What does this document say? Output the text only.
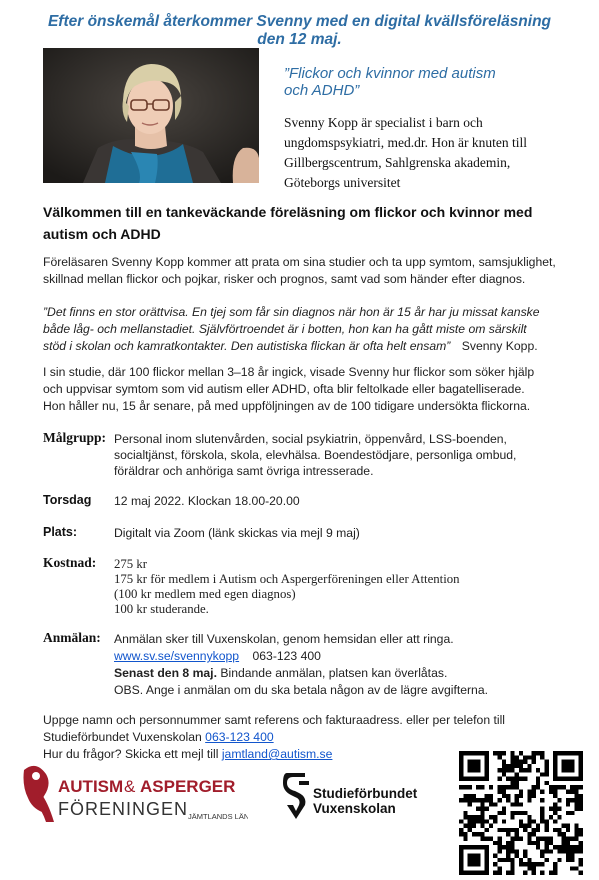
Efter önskemål återkommer Svenny med en digital kvällsföreläsning
den 12 maj.
”Flickor och kvinnor med autism
och ADHD”
Svenny Kopp är specialist i barn och
ungdomspsykiatri, med.dr. Hon är knuten till
Gillbergscentrum, Sahlgrenska akademin,
Göteborgs universitet
Välkommen till en tankeväckande föreläsning om flickor och kvinnor med
autism och ADHD
Föreläsaren Svenny Kopp kommer att prata om sina studier och ta upp symtom, samsjuklighet,
skillnad mellan flickor och pojkar, risker och prognos, samt vad som händer efter diagnos.
”Det finns en stor orättvisa. En tjej som får sin diagnos när hon är 15 år har ju missat kanske
både låg- och mellanstadiet. Självförtroendet är i botten, hon kan ha gått miste om särskilt
stöd i skolan och kamratkontakter. Den autistiska flickan är ofta helt ensam” Svenny Kopp.
I sin studie, där 100 flickor mellan 3–18 år ingick, visade Svenny hur flickor som söker hjälp
och uppvisar symtom som vid autism eller ADHD, ofta blir feltolkade eller bagatelliserade.
Hon håller nu, 15 år senare, på med uppföljningen av de 100 tidigare undersökta flickorna.
Målgrupp: Personal inom slutenvården, social psykiatrin, öppenvård, LSS-boenden,
socialtjänst, förskola, skola, elevhälsa. Boendestödjare, personliga ombud,
föräldrar och anhöriga samt övriga intresserade.
Torsdag 12 maj 2022. Klockan 18.00-20.00
Plats:	Digitalt via Zoom (länk skickas via mejl 9 maj)
Kostnad: 275 kr
175 kr för medlem i Autism och Aspergerföreningen eller Attention
(100 kr medlem med egen diagnos)
100 kr studerande.
Anmälan: Anmälan sker till Vuxenskolan, genom hemsidan eller att ringa.
www.sv.se/svennykopp 063-123 400
Senast den 8 maj. Bindande anmälan, platsen kan överlåtas.
OBS. Ange i anmälan om du ska betala någon av de lägre avgifterna.
Uppge namn och personnummer samt referens och fakturaadress. eller per telefon till
Studieförbundet Vuxenskolan 063-123 400
Hur du frågor? Skicka ett mejl till jamtland@autism.se
AUTISM & ASPERGER
FÖRENINGEN JÄMTLANDS LÄN
Studieförbundet
Vuxenskolan
